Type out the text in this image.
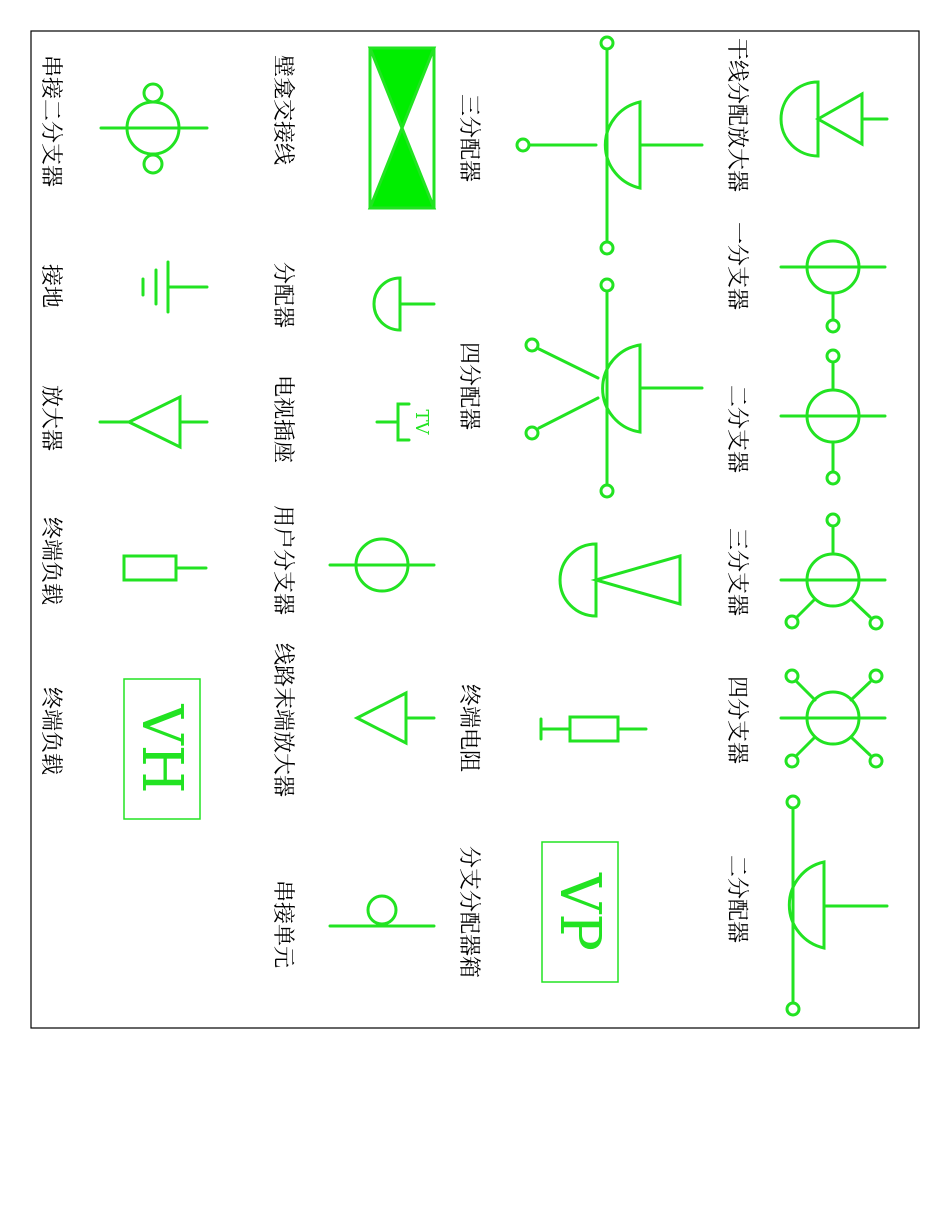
干线分配放大器
一分支器
二分支器
三分支器
四分支器
二分配器
VP
三分配器
四分配器
终端电阻
分支分配器箱
TV
壁龛交接线
分配器
电视插座
用户分支器
线路末端放大器
串接单元
VH
串接二分支器
接地
放大器
终端负载
终端负载
